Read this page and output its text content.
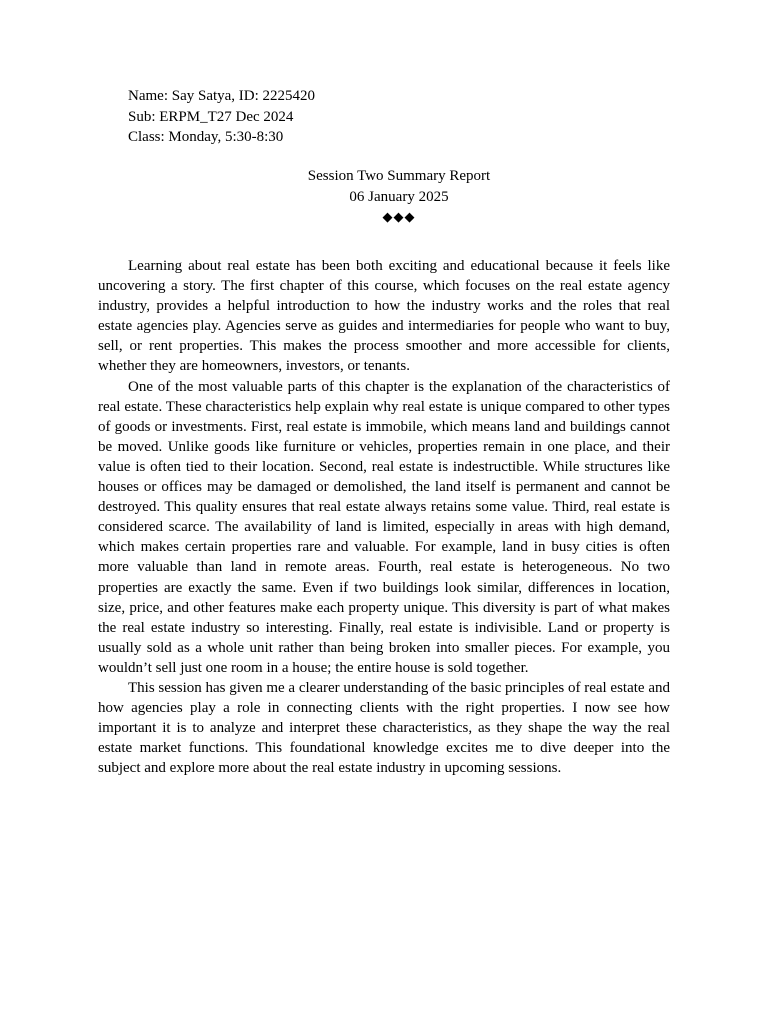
Name: Say Satya, ID: 2225420
Sub: ERPM_T27 Dec 2024
Class: Monday, 5:30-8:30
Session Two Summary Report
06 January 2025
◆◆◆

Learning about real estate has been both exciting and educational because it feels like uncovering a story. The first chapter of this course, which focuses on the real estate agency industry, provides a helpful introduction to how the industry works and the roles that real estate agencies play. Agencies serve as guides and intermediaries for people who want to buy, sell, or rent properties. This makes the process smoother and more accessible for clients, whether they are homeowners, investors, or tenants.

One of the most valuable parts of this chapter is the explanation of the characteristics of real estate. These characteristics help explain why real estate is unique compared to other types of goods or investments. First, real estate is immobile, which means land and buildings cannot be moved. Unlike goods like furniture or vehicles, properties remain in one place, and their value is often tied to their location. Second, real estate is indestructible. While structures like houses or offices may be damaged or demolished, the land itself is permanent and cannot be destroyed. This quality ensures that real estate always retains some value. Third, real estate is considered scarce. The availability of land is limited, especially in areas with high demand, which makes certain properties rare and valuable. For example, land in busy cities is often more valuable than land in remote areas. Fourth, real estate is heterogeneous. No two properties are exactly the same. Even if two buildings look similar, differences in location, size, price, and other features make each property unique. This diversity is part of what makes the real estate industry so interesting. Finally, real estate is indivisible. Land or property is usually sold as a whole unit rather than being broken into smaller pieces. For example, you wouldn’t sell just one room in a house; the entire house is sold together.

This session has given me a clearer understanding of the basic principles of real estate and how agencies play a role in connecting clients with the right properties. I now see how important it is to analyze and interpret these characteristics, as they shape the way the real estate market functions. This foundational knowledge excites me to dive deeper into the subject and explore more about the real estate industry in upcoming sessions.
